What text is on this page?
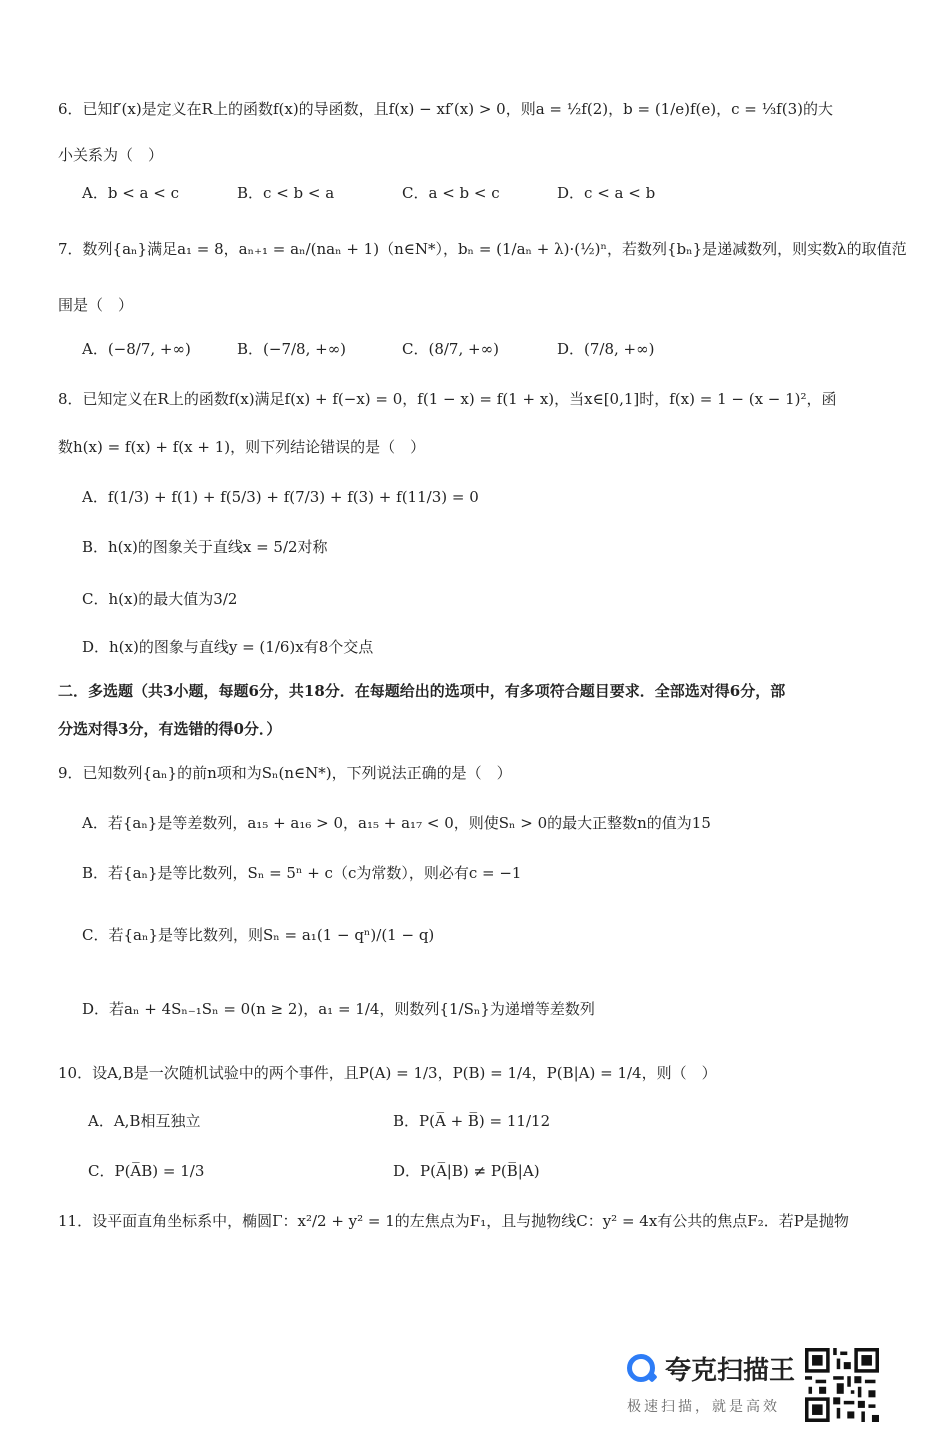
6．已知f′(x)是定义在R上的函数f(x)的导函数，且f(x) − xf′(x) > 0，则a = ½f(2)，b = (1/e)f(e)，c = ⅓f(3)的大
小关系为（　）
A．b < a < c	B．c < b < a	C．a < b < c	D．c < a < b
7．数列{aₙ}满足a₁ = 8，aₙ₊₁ = aₙ/(naₙ + 1)（n∈N*），bₙ = (1/aₙ + λ)·(½)ⁿ，若数列{bₙ}是递减数列，则实数λ的取值范
围是（　）
A．(−8/7, +∞)	B．(−7/8, +∞)	C．(8/7, +∞)	D．(7/8, +∞)
8．已知定义在R上的函数f(x)满足f(x) + f(−x) = 0，f(1 − x) = f(1 + x)，当x∈[0,1]时，f(x) = 1 − (x − 1)²，函
数h(x) = f(x) + f(x + 1)，则下列结论错误的是（　）
A．f(1/3) + f(1) + f(5/3) + f(7/3) + f(3) + f(11/3) = 0
B．h(x)的图象关于直线x = 5/2对称
C．h(x)的最大值为3/2
D．h(x)的图象与直线y = (1/6)x有8个交点
二．多选题（共3小题，每题6分，共18分．在每题给出的选项中，有多项符合题目要求．全部选对得6分，部
分选对得3分，有选错的得0分．）
9．已知数列{aₙ}的前n项和为Sₙ(n∈N*)，下列说法正确的是（　）
A．若{aₙ}是等差数列，a₁₅ + a₁₆ > 0，a₁₅ + a₁₇ < 0，则使Sₙ > 0的最大正整数n的值为15
B．若{aₙ}是等比数列，Sₙ = 5ⁿ + c（c为常数），则必有c = −1
C．若{aₙ}是等比数列，则Sₙ = a₁(1 − qⁿ)/(1 − q)
D．若aₙ + 4Sₙ₋₁Sₙ = 0(n ≥ 2)，a₁ = 1/4，则数列{1/Sₙ}为递增等差数列
10．设A,B是一次随机试验中的两个事件，且P(A) = 1/3，P(B) = 1/4，P(B|A) = 1/4，则（　）
A．A,B相互独立	B．P(A̅ + B̅) = 11/12
C．P(A̅B) = 1/3	D．P(A̅|B) ≠ P(B̅|A)
11．设平面直角坐标系中，椭圆Γ：x²/2 + y² = 1的左焦点为F₁，且与抛物线C：y² = 4x有公共的焦点F₂．若P是抛物
夸克扫描王
极速扫描，就是高效
